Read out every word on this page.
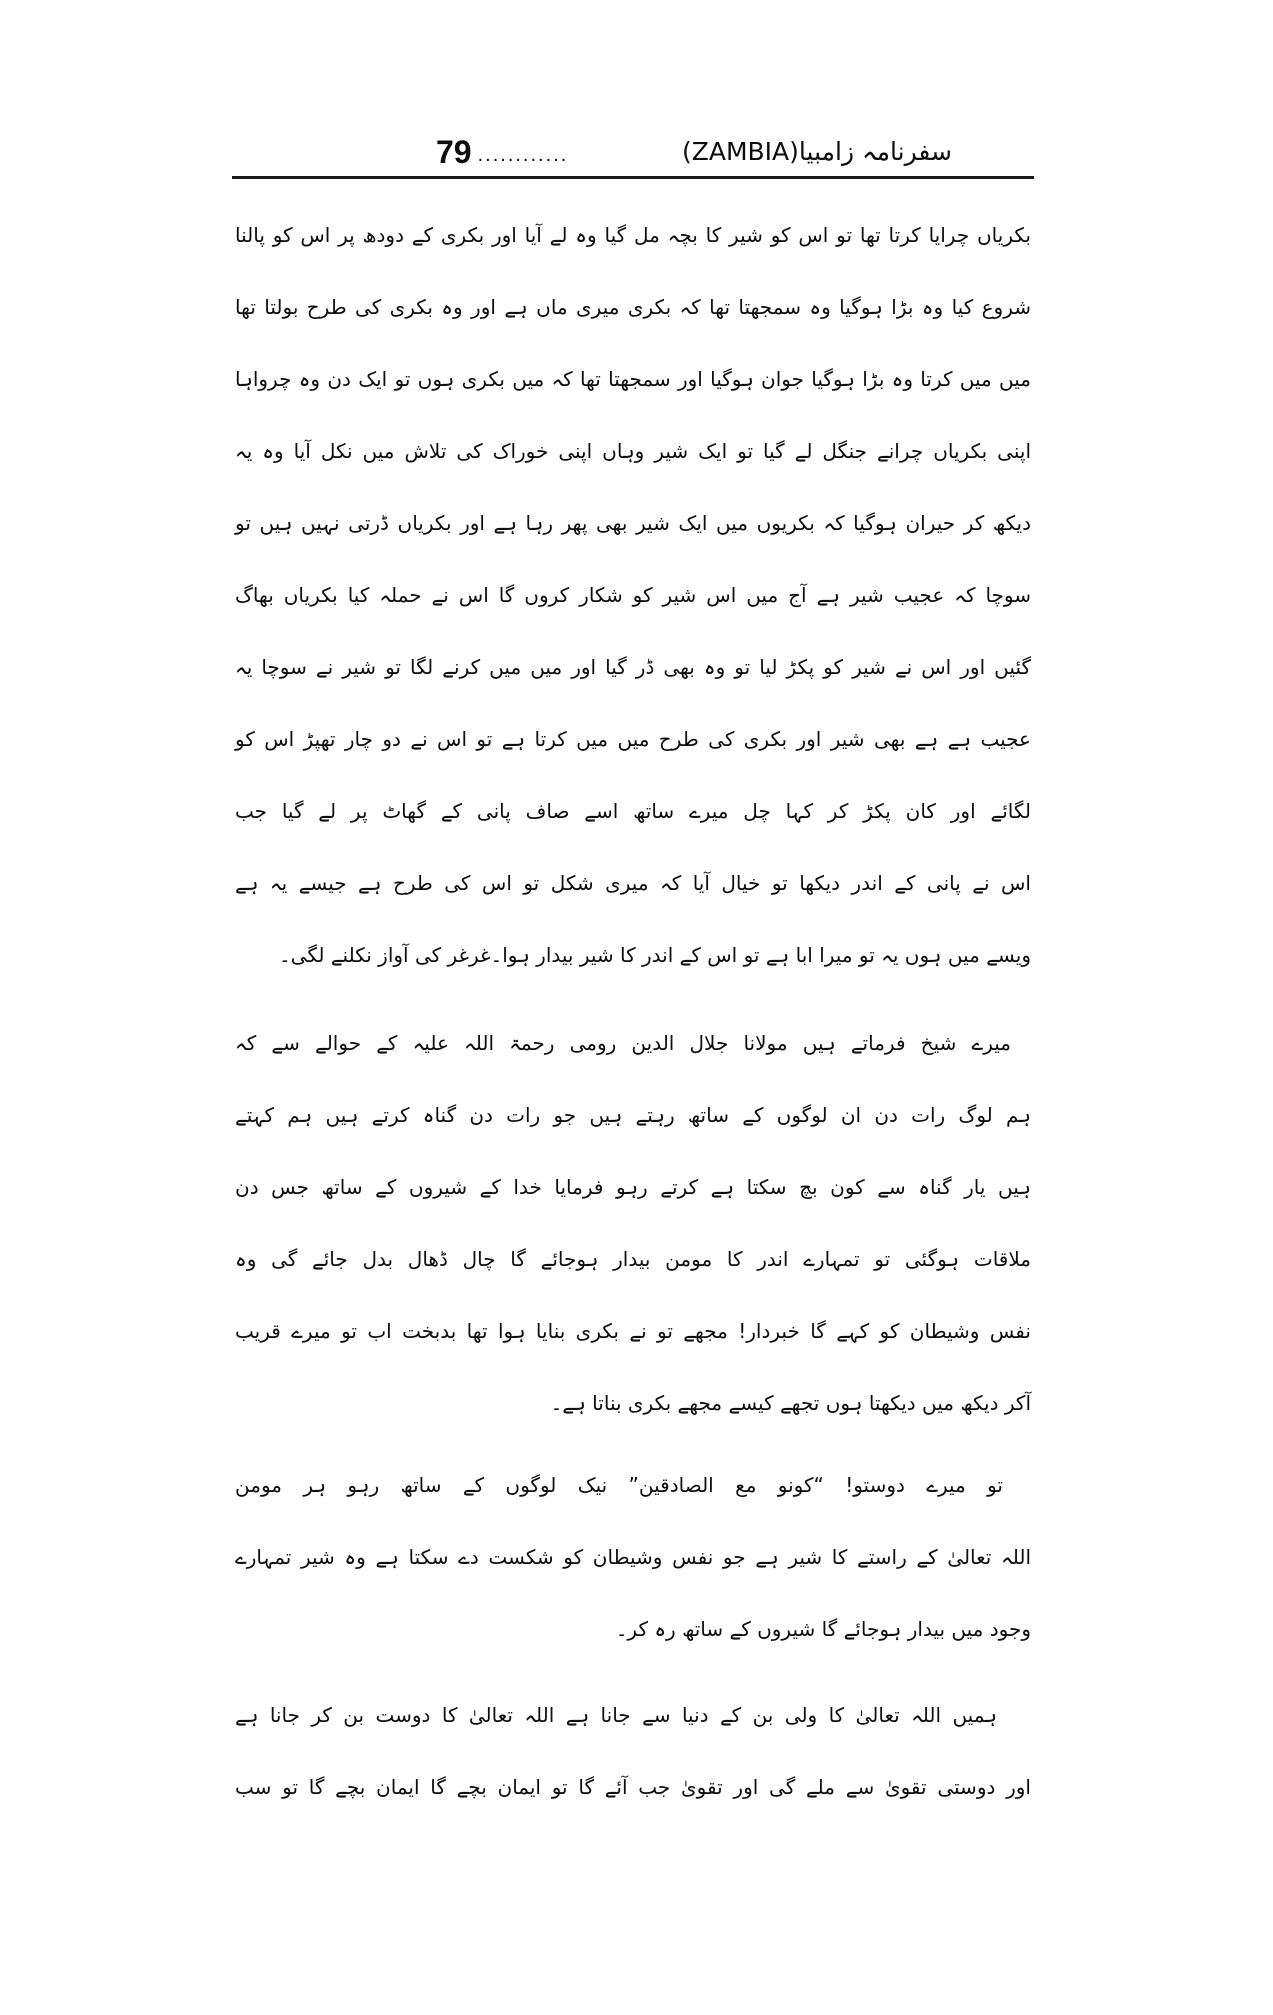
79 ............	سفرنامہ زامبیا(ZAMBIA)
بکریاں چرایا کرتا تھا تو اس کو شیر کا بچہ مل گیا وہ لے آیا اور بکری کے دودھ پر اس کو پالنا
شروع کیا وہ بڑا ہوگیا وہ سمجھتا تھا کہ بکری میری ماں ہے اور وہ بکری کی طرح بولتا تھا
میں میں کرتا وہ بڑا ہوگیا جوان ہوگیا اور سمجھتا تھا کہ میں بکری ہوں تو ایک دن وہ چرواہا
اپنی بکریاں چرانے جنگل لے گیا تو ایک شیر وہاں اپنی خوراک کی تلاش میں نکل آیا وہ یہ
دیکھ کر حیران ہوگیا کہ بکریوں میں ایک شیر بھی پھر رہا ہے اور بکریاں ڈرتی نہیں ہیں تو
سوچا کہ عجیب شیر ہے آج میں اس شیر کو شکار کروں گا اس نے حملہ کیا بکریاں بھاگ
گئیں اور اس نے شیر کو پکڑ لیا تو وہ بھی ڈر گیا اور میں میں کرنے لگا تو شیر نے سوچا یہ
عجیب ہے ہے بھی شیر اور بکری کی طرح میں میں کرتا ہے تو اس نے دو چار تھپڑ اس کو
لگائے اور کان پکڑ کر کہا چل میرے ساتھ اسے صاف پانی کے گھاٹ پر لے گیا جب
اس نے پانی کے اندر دیکھا تو خیال آیا کہ میری شکل تو اس کی طرح ہے جیسے یہ ہے
ویسے میں ہوں یہ تو میرا ابا ہے تو اس کے اندر کا شیر بیدار ہوا۔غرغر کی آواز نکلنے لگی۔
میرے شیخ فرماتے ہیں مولانا جلال الدین رومی رحمۃ اللہ علیہ کے حوالے سے کہ
ہم لوگ رات دن ان لوگوں کے ساتھ رہتے ہیں جو رات دن گناہ کرتے ہیں ہم کہتے
ہیں یار گناہ سے کون بچ سکتا ہے کرتے رہو فرمایا خدا کے شیروں کے ساتھ جس دن
ملاقات ہوگئی تو تمہارے اندر کا مومن بیدار ہوجائے گا چال ڈھال بدل جائے گی وہ
نفس وشیطان کو کہے گا خبردار! مجھے تو نے بکری بنایا ہوا تھا بدبخت اب تو میرے قریب
آکر دیکھ میں دیکھتا ہوں تجھے کیسے مجھے بکری بناتا ہے۔
تو میرے دوستو! “کونو مع الصادقین” نیک لوگوں کے ساتھ رہو ہر مومن
اللہ تعالیٰ کے راستے کا شیر ہے جو نفس وشیطان کو شکست دے سکتا ہے وہ شیر تمہارے
وجود میں بیدار ہوجائے گا شیروں کے ساتھ رہ کر۔
ہمیں اللہ تعالیٰ کا ولی بن کے دنیا سے جانا ہے اللہ تعالیٰ کا دوست بن کر جانا ہے
اور دوستی تقویٰ سے ملے گی اور تقویٰ جب آئے گا تو ایمان بچے گا ایمان بچے گا تو سب
